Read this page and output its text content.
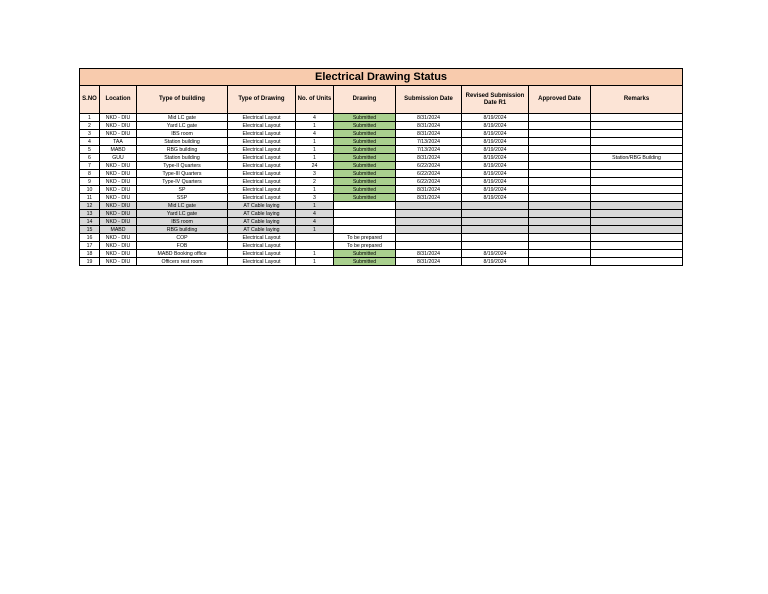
Electrical Drawing Status									
S.NO	Location	Type of building	Type of Drawing	No. of Units	Drawing	Submission Date	Revised Submission Date R1	Approved Date	Remarks
1	NKD - DIU	Mid LC gate	Electrical Layout	4	Submitted	8/31/2024	8/19/2024		
2	NKD - DIU	Yard LC gate	Electrical Layout	1	Submitted	8/31/2024	8/19/2024		
3	NKD - DIU	IBS room	Electrical Layout	4	Submitted	8/31/2024	8/19/2024		
4	TAA	Station building	Electrical Layout	1	Submitted	7/13/2024	8/19/2024		
5	MABD	RBG building	Electrical Layout	1	Submitted	7/13/2024	8/19/2024		
6	GUU	Station building	Electrical Layout	1	Submitted	8/31/2024	8/19/2024		Station/RBG Building
7	NKD - DIU	Type-II Quarters	Electrical Layout	24	Submitted	6/22/2024	8/19/2024		
8	NKD - DIU	Type-III Quarters	Electrical Layout	3	Submitted	6/22/2024	8/19/2024		
9	NKD - DIU	Type-IV Quarters	Electrical Layout	2	Submitted	6/22/2024	8/19/2024		
10	NKD - DIU	SP	Electrical Layout	1	Submitted	8/31/2024	8/19/2024		
11	NKD - DIU	SSP	Electrical Layout	3	Submitted	8/31/2024	8/19/2024		
12	NKD - DIU	Mid LC gate	AT Cable laying	1					
13	NKD - DIU	Yard LC gate	AT Cable laying	4					
14	NKD - DIU	IBS room	AT Cable laying	4					
15	MABD	RBG building	AT Cable laying	1					
16	NKD - DIU	COP	Electrical Layout		To be prepared				
17	NKD - DIU	FOB	Electrical Layout		To be prepared				
18	NKD - DIU	MABD Booking office	Electrical Layout	1	Submitted	8/31/2024	8/19/2024		
19	NKD - DIU	Officers rest room	Electrical Layout	1	Submitted	8/31/2024	8/19/2024		
